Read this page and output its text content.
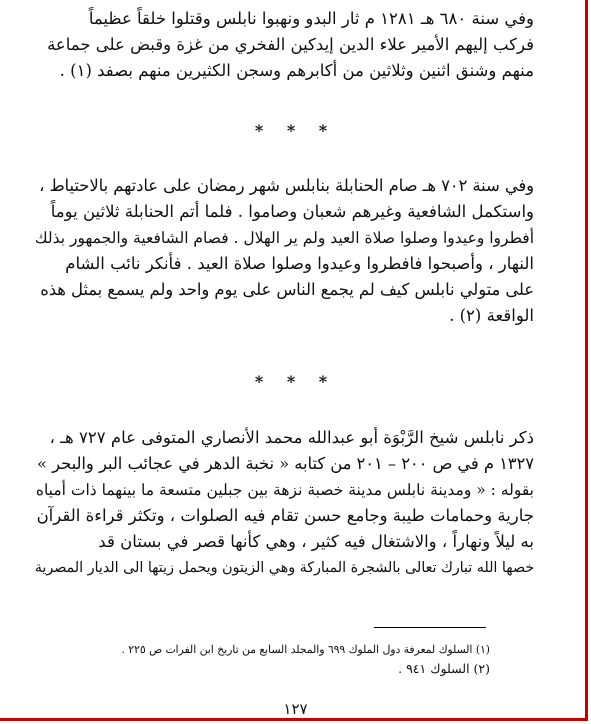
وفي سنة ٦٨٠ هـ ١٢٨١ م ثار البدو ونهبوا نابلس وقتلوا خلقاً عظيماً

فركب إليهم الأمير علاء الدين إيدكين الفخري من غزة وقبض على جماعة

منهم وشنق اثنين وثلاثين من أكابرهم وسجن الكثيرين منهم بصفد (١) .

* * *

وفي سنة ٧٠٢ هـ صام الحنابلة بنابلس شهر رمضان على عادتهم بالاحتياط ،

واستكمل الشافعية وغيرهم شعبان وصاموا . فلما أتم الحنابلة ثلاثين يوماً

أفطروا وعيدوا وصلوا صلاة العيد ولم ير الهلال . فصام الشافعية والجمهور بذلك

النهار ، وأصبحوا فافطروا وعيدوا وصلوا صلاة العيد . فأنكر نائب الشام

على متولي نابلس كيف لم يجمع الناس على يوم واحد ولم يسمع بمثل هذه

الواقعة (٢) .

* * *

ذكر نابلس شيخ الرَّبْوَة أبو عبدالله محمد الأنصاري المتوفى عام ٧٢٧ هـ ،

١٣٢٧ م في ص ٢٠٠ – ٢٠١ من كتابه « نخبة الدهر في عجائب البر والبحر »

بقوله : « ومدينة نابلس مدينة خصبة نزهة بين جبلين متسعة ما بينهما ذات أمياه

جارية وحمامات طيبة وجامع حسن تقام فيه الصلوات ، وتكثر قراءة القرآن

به ليلاً ونهاراً ، والاشتغال فيه كثير ، وهي كأنها قصر في بستان قد

خصها الله تبارك تعالى بالشجرة المباركة وهي الزيتون ويحمل زيتها الى الديار المصرية

(١) السلوك لمعرفة دول الملوك ٦٩٩ والمجلد السابع من تاريخ ابن الفرات ص ٢٢٥ .
(٢) السلوك ٩٤١ .
١٢٧
